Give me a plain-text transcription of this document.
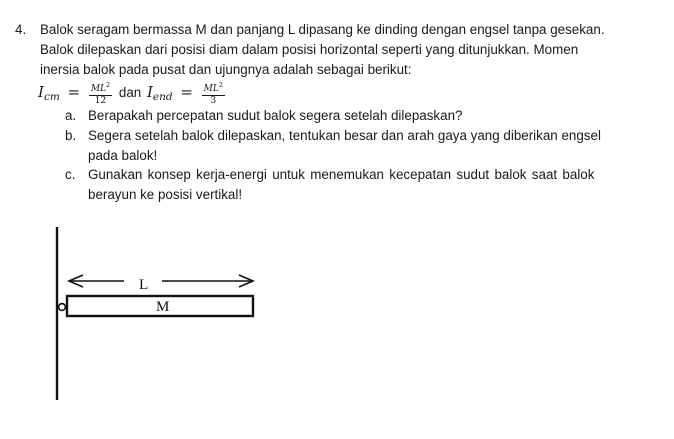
4. Balok seragam bermassa M dan panjang L dipasang ke dinding dengan engsel tanpa gesekan.
Balok dilepaskan dari posisi diam dalam posisi horizontal seperti yang ditunjukkan. Momen
inersia balok pada pusat dan ujungnya adalah sebagai berikut:
$I_{cm} = \frac{ML^2}{12}$ dan $I_{end} = \frac{ML^2}{3}$
a. Berapakah percepatan sudut balok segera setelah dilepaskan?
b. Segera setelah balok dilepaskan, tentukan besar dan arah gaya yang diberikan engsel
pada balok!
c. Gunakan konsep kerja-energi untuk menemukan kecepatan sudut balok saat balok
berayun ke posisi vertikal!
L
M
